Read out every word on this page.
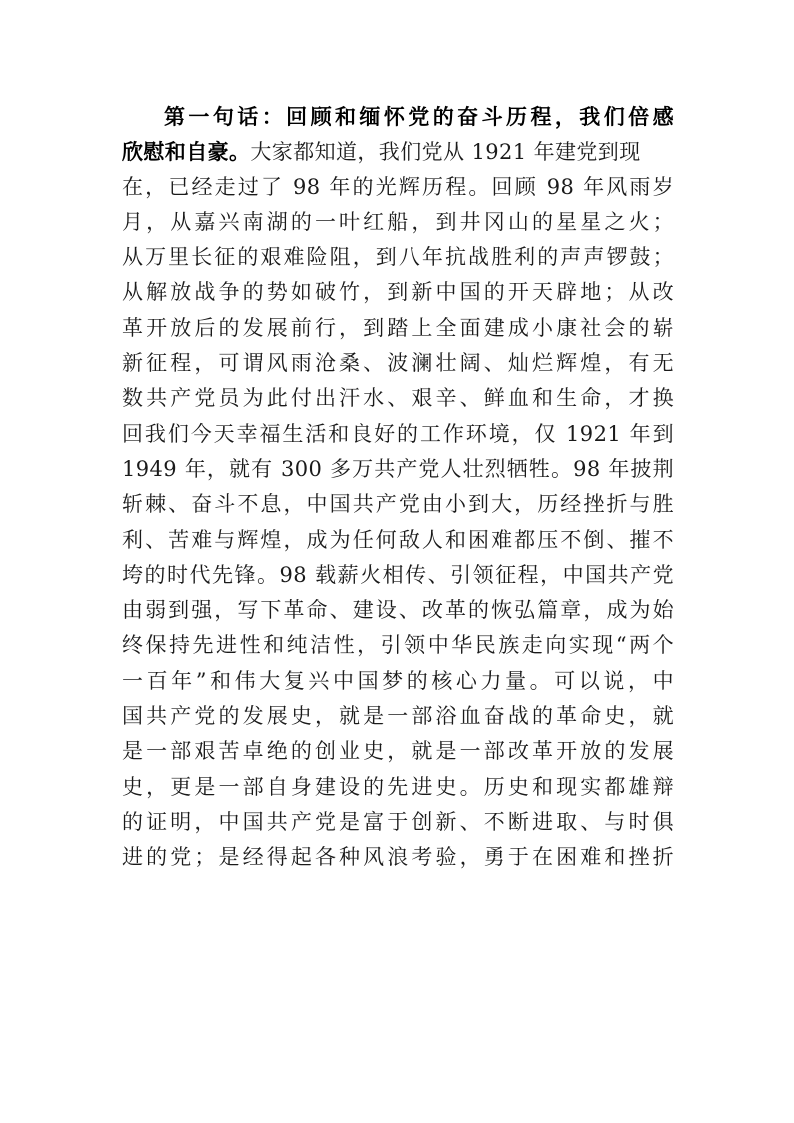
第一句话：回顾和缅怀党的奋斗历程，我们倍感
欣慰和自豪。大家都知道，我们党从 1921 年建党到现
在，已经走过了 98 年的光辉历程。回顾 98 年风雨岁
月，从嘉兴南湖的一叶红船，到井冈山的星星之火；
从万里长征的艰难险阻，到八年抗战胜利的声声锣鼓；
从解放战争的势如破竹，到新中国的开天辟地；从改
革开放后的发展前行，到踏上全面建成小康社会的崭
新征程，可谓风雨沧桑、波澜壮阔、灿烂辉煌，有无
数共产党员为此付出汗水、艰辛、鲜血和生命，才换
回我们今天幸福生活和良好的工作环境，仅 1921 年到
1949 年，就有 300 多万共产党人壮烈牺牲。98 年披荆
斩棘、奋斗不息，中国共产党由小到大，历经挫折与胜
利、苦难与辉煌，成为任何敌人和困难都压不倒、摧不
垮的时代先锋。98 载薪火相传、引领征程，中国共产党
由弱到强，写下革命、建设、改革的恢弘篇章，成为始
终保持先进性和纯洁性，引领中华民族走向实现“两个
一百年”和伟大复兴中国梦的核心力量。可以说，中
国共产党的发展史，就是一部浴血奋战的革命史，就
是一部艰苦卓绝的创业史，就是一部改革开放的发展
史，更是一部自身建设的先进史。历史和现实都雄辩
的证明，中国共产党是富于创新、不断进取、与时俱
进的党；是经得起各种风浪考验，勇于在困难和挫折
